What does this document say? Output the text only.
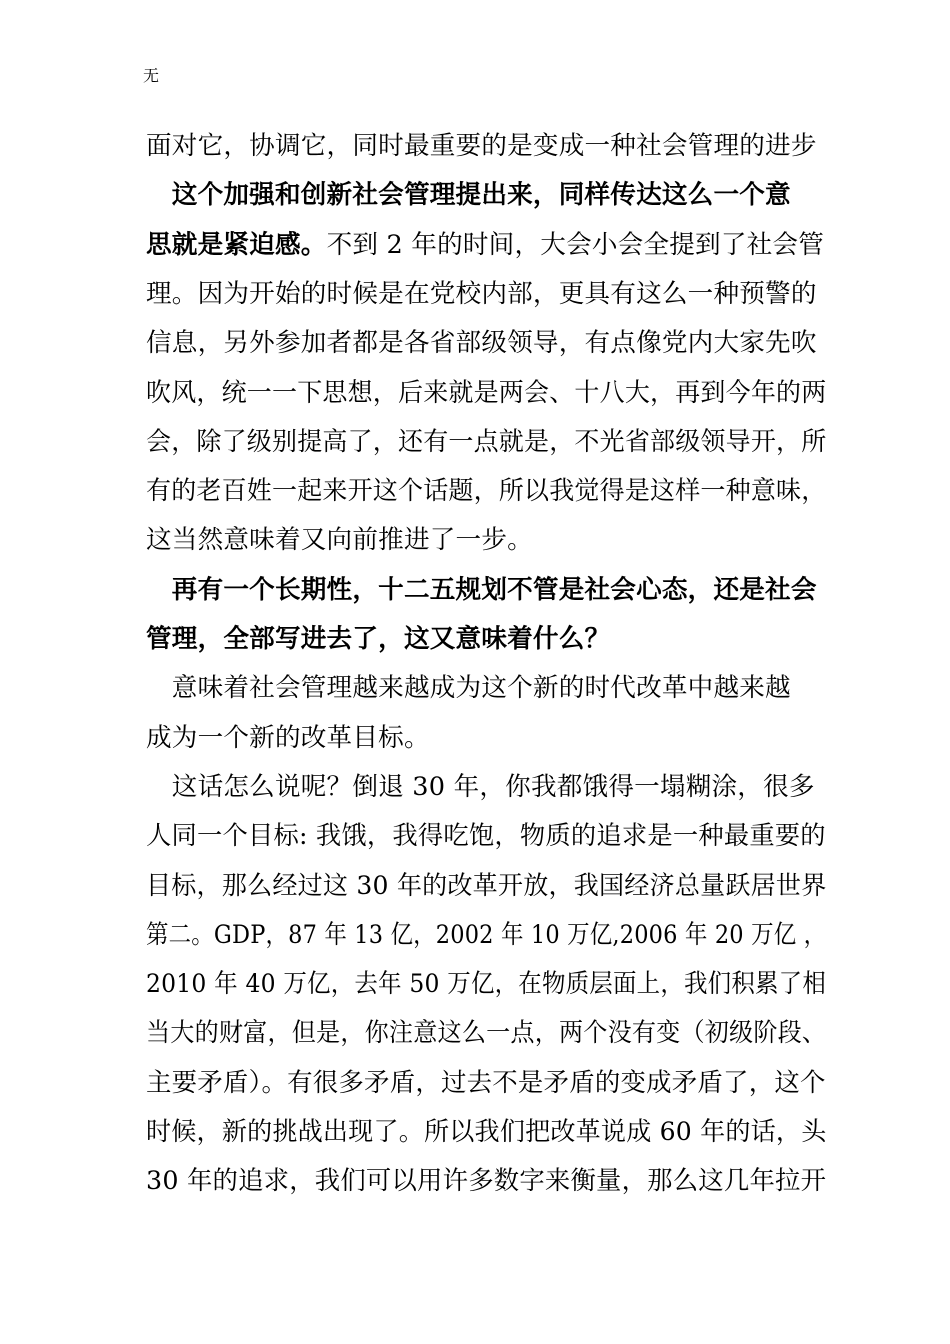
无
面对它，协调它，同时最重要的是变成一种社会管理的进步
　这个加强和创新社会管理提出来，同样传达这么一个意
思就是紧迫感。不到 2 年的时间，大会小会全提到了社会管
理。因为开始的时候是在党校内部，更具有这么一种预警的
信息，另外参加者都是各省部级领导，有点像党内大家先吹
吹风，统一一下思想，后来就是两会、十八大，再到今年的两
会，除了级别提高了，还有一点就是，不光省部级领导开，所
有的老百姓一起来开这个话题，所以我觉得是这样一种意味，
这当然意味着又向前推进了一步。
　再有一个长期性，十二五规划不管是社会心态，还是社会
管理，全部写进去了，这又意味着什么？
　意味着社会管理越来越成为这个新的时代改革中越来越
成为一个新的改革目标。
　这话怎么说呢？倒退 30 年，你我都饿得一塌糊涂，很多
人同一个目标: 我饿，我得吃饱，物质的追求是一种最重要的
目标，那么经过这 30 年的改革开放，我国经济总量跃居世界
第二。GDP，87 年 13 亿，2002 年 10 万亿,2006 年 20 万亿 ，
2010 年 40 万亿，去年 50 万亿，在物质层面上，我们积累了相
当大的财富，但是，你注意这么一点，两个没有变（初级阶段、
主要矛盾）。有很多矛盾，过去不是矛盾的变成矛盾了，这个
时候，新的挑战出现了。所以我们把改革说成 60 年的话，头
30 年的追求，我们可以用许多数字来衡量，那么这几年拉开
